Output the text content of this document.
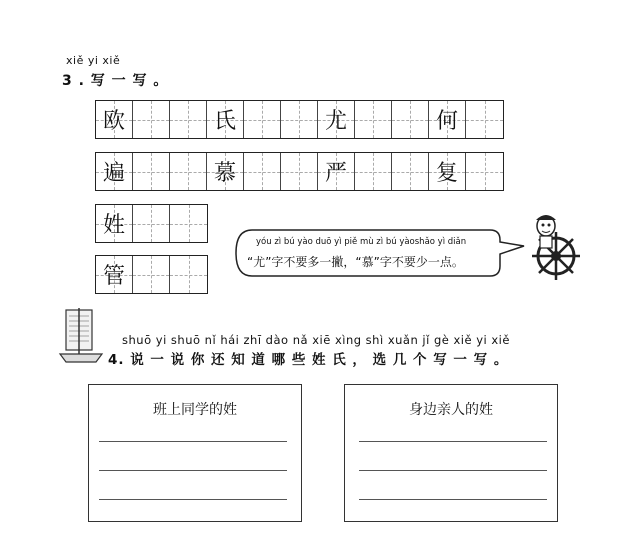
xiě yi xiě
3 . 写 一 写 。
欧	氏	尤	何
遍	慕	严	复
姓
管
yóu zì bú yào duō yì piě mù zì bú yàoshǎo yì diǎn
“尤”字不要多一撇，“慕”字不要少一点。
shuō yi shuō nǐ hái zhī dào nǎ xiē xìng shì xuǎn jǐ gè xiě yi xiě
4. 说 一 说 你 还 知 道 哪 些 姓 氏 ， 选 几 个 写 一 写 。
班上同学的姓	身边亲人的姓
